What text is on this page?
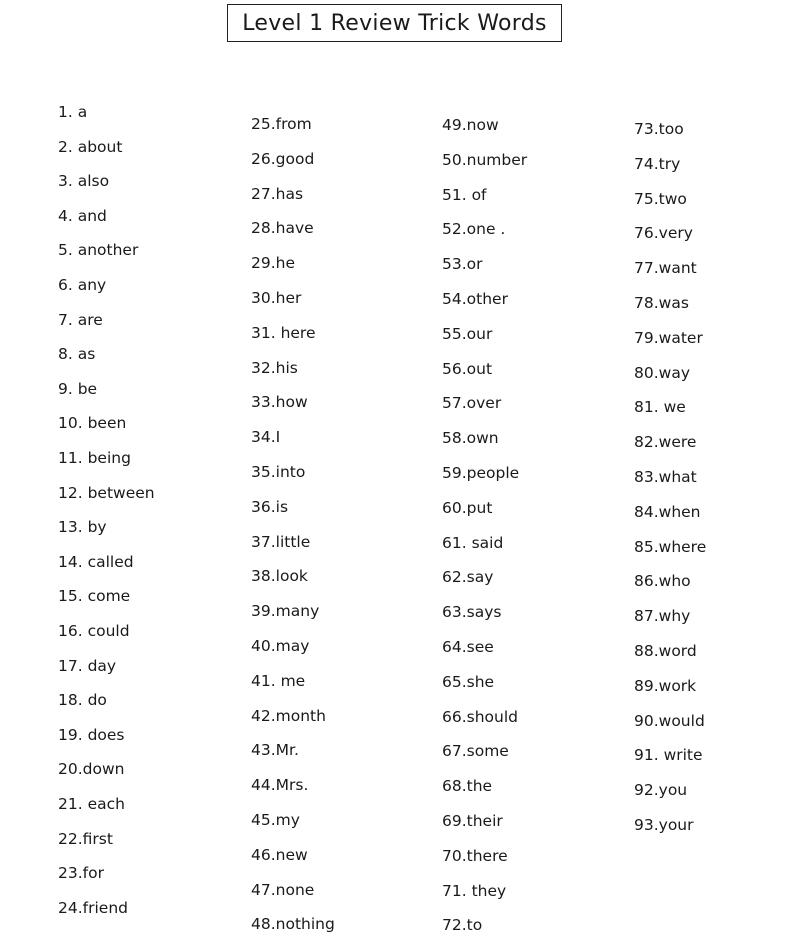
Level 1 Review Trick Words
1. a
2. about
3. also
4. and
5. another
6. any
7. are
8. as
9. be
10. been
11. being
12. between
13. by
14. called
15. come
16. could
17. day
18. do
19. does
20.down
21. each
22.first
23.for
24.friend
25.from
26.good
27.has
28.have
29.he
30.her
31. here
32.his
33.how
34.I
35.into
36.is
37.little
38.look
39.many
40.may
41. me
42.month
43.Mr.
44.Mrs.
45.my
46.new
47.none
48.nothing
49.now
50.number
51. of
52.one .
53.or
54.other
55.our
56.out
57.over
58.own
59.people
60.put
61. said
62.say
63.says
64.see
65.she
66.should
67.some
68.the
69.their
70.there
71. they
72.to
73.too
74.try
75.two
76.very
77.want
78.was
79.water
80.way
81. we
82.were
83.what
84.when
85.where
86.who
87.why
88.word
89.work
90.would
91. write
92.you
93.your
